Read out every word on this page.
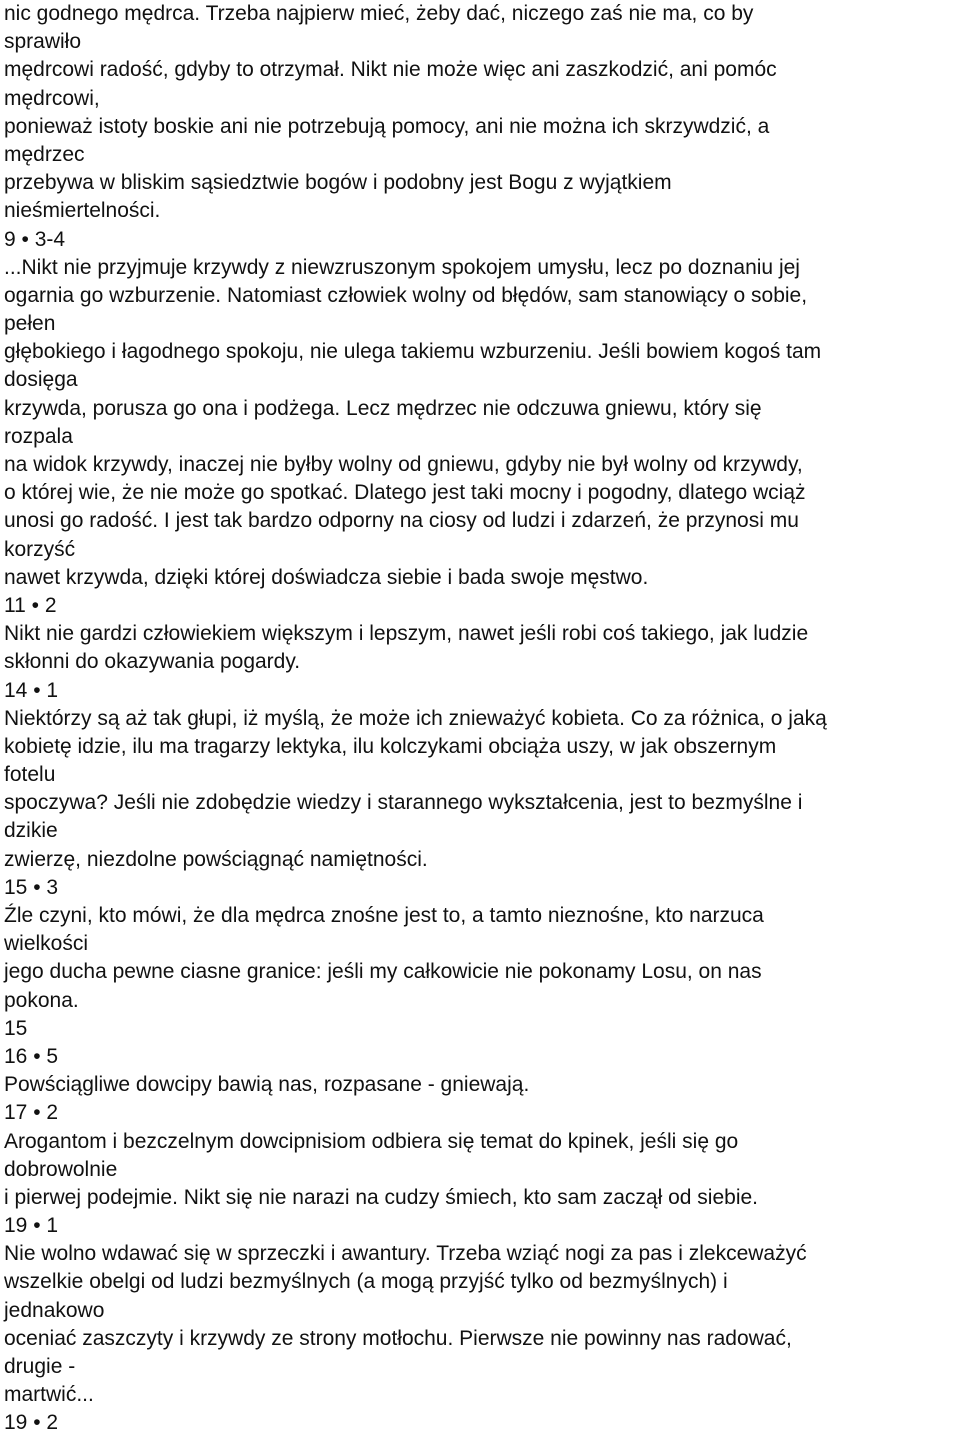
nic godnego mędrca. Trzeba najpierw mieć, żeby dać, niczego zaś nie ma, co by
sprawiło
mędrcowi radość, gdyby to otrzymał. Nikt nie może więc ani zaszkodzić, ani pomóc
mędrcowi,
ponieważ istoty boskie ani nie potrzebują pomocy, ani nie można ich skrzywdzić, a
mędrzec
przebywa w bliskim sąsiedztwie bogów i podobny jest Bogu z wyjątkiem
nieśmiertelności.
9 • 3-4
...Nikt nie przyjmuje krzywdy z niewzruszonym spokojem umysłu, lecz po doznaniu jej
ogarnia go wzburzenie. Natomiast człowiek wolny od błędów, sam stanowiący o sobie,
pełen
głębokiego i łagodnego spokoju, nie ulega takiemu wzburzeniu. Jeśli bowiem kogoś tam
dosięga
krzywda, porusza go ona i podżega. Lecz mędrzec nie odczuwa gniewu, który się
rozpala
na widok krzywdy, inaczej nie byłby wolny od gniewu, gdyby nie był wolny od krzywdy,
o której wie, że nie może go spotkać. Dlatego jest taki mocny i pogodny, dlatego wciąż
unosi go radość. I jest tak bardzo odporny na ciosy od ludzi i zdarzeń, że przynosi mu
korzyść
nawet krzywda, dzięki której doświadcza siebie i bada swoje męstwo.
11 • 2
Nikt nie gardzi człowiekiem większym i lepszym, nawet jeśli robi coś takiego, jak ludzie
skłonni do okazywania pogardy.
14 • 1
Niektórzy są aż tak głupi, iż myślą, że może ich znieważyć kobieta. Co za różnica, o jaką
kobietę idzie, ilu ma tragarzy lektyka, ilu kolczykami obciąża uszy, w jak obszernym
fotelu
spoczywa? Jeśli nie zdobędzie wiedzy i starannego wykształcenia, jest to bezmyślne i
dzikie
zwierzę, niezdolne powściągnąć namiętności.
15 • 3
Źle czyni, kto mówi, że dla mędrca znośne jest to, a tamto nieznośne, kto narzuca
wielkości
jego ducha pewne ciasne granice: jeśli my całkowicie nie pokonamy Losu, on nas
pokona.
15
16 • 5
Powściągliwe dowcipy bawią nas, rozpasane - gniewają.
17 • 2
Arogantom i bezczelnym dowcipnisiom odbiera się temat do kpinek, jeśli się go
dobrowolnie
i pierwej podejmie. Nikt się nie narazi na cudzy śmiech, kto sam zaczął od siebie.
19 • 1
Nie wolno wdawać się w sprzeczki i awantury. Trzeba wziąć nogi za pas i zlekceważyć
wszelkie obelgi od ludzi bezmyślnych (a mogą przyjść tylko od bezmyślnych) i
jednakowo
oceniać zaszczyty i krzywdy ze strony motłochu. Pierwsze nie powinny nas radować,
drugie -
martwić...
19 • 2
